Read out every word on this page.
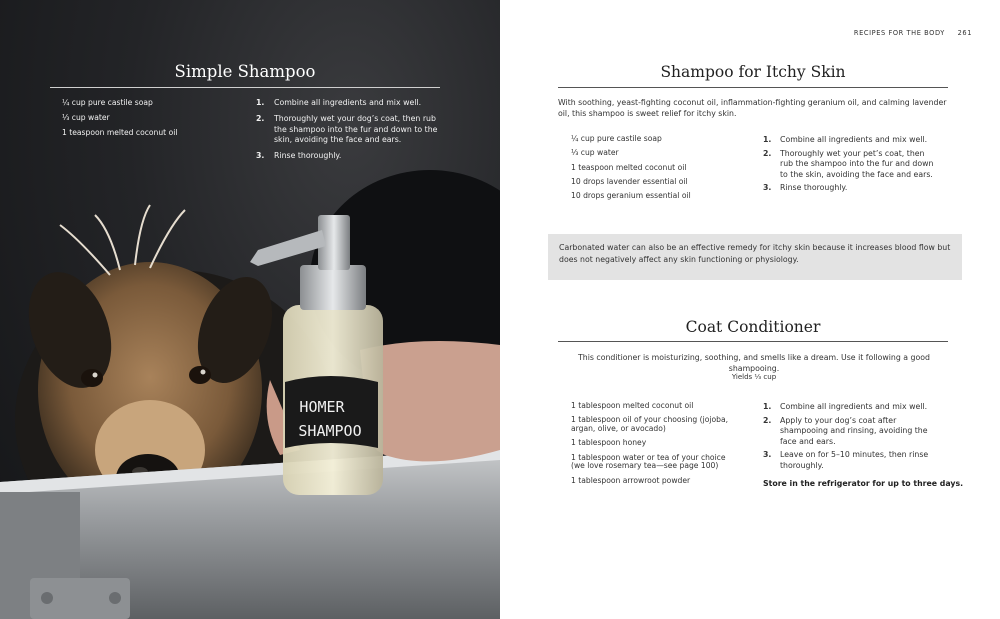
HOMER
SHAMPOO
Simple Shampoo
¼ cup pure castile soap
⅓ cup water
1 teaspoon melted coconut oil
1.	Combine all ingredients and mix well.
2.	Thoroughly wet your dog’s coat, then rub the shampoo into the fur and down to the skin, avoiding the face and ears.
3.	Rinse thoroughly.
RECIPES FOR THE BODY 261
Shampoo for Itchy Skin
With soothing, yeast-fighting coconut oil, inflammation-fighting geranium oil, and calming lavender oil, this shampoo is sweet relief for itchy skin.
¼ cup pure castile soap
⅓ cup water
1 teaspoon melted coconut oil
10 drops lavender essential oil
10 drops geranium essential oil
1.	Combine all ingredients and mix well.
2.	Thoroughly wet your pet’s coat, then rub the shampoo into the fur and down to the skin, avoiding the face and ears.
3.	Rinse thoroughly.
Carbonated water can also be an effective remedy for itchy skin because it increases blood flow but does not negatively affect any skin functioning or physiology.
Coat Conditioner
This conditioner is moisturizing, soothing, and smells like a dream. Use it following a good shampooing.
Yields ⅓ cup
1 tablespoon melted coconut oil
1 tablespoon oil of your choosing (jojoba, argan, olive, or avocado)
1 tablespoon honey
1 tablespoon water or tea of your choice (we love rosemary tea—see page 100)
1 tablespoon arrowroot powder
1.	Combine all ingredients and mix well.
2.	Apply to your dog’s coat after shampooing and rinsing, avoiding the face and ears.
3.	Leave on for 5–10 minutes, then rinse thoroughly.
Store in the refrigerator for up to three days.
